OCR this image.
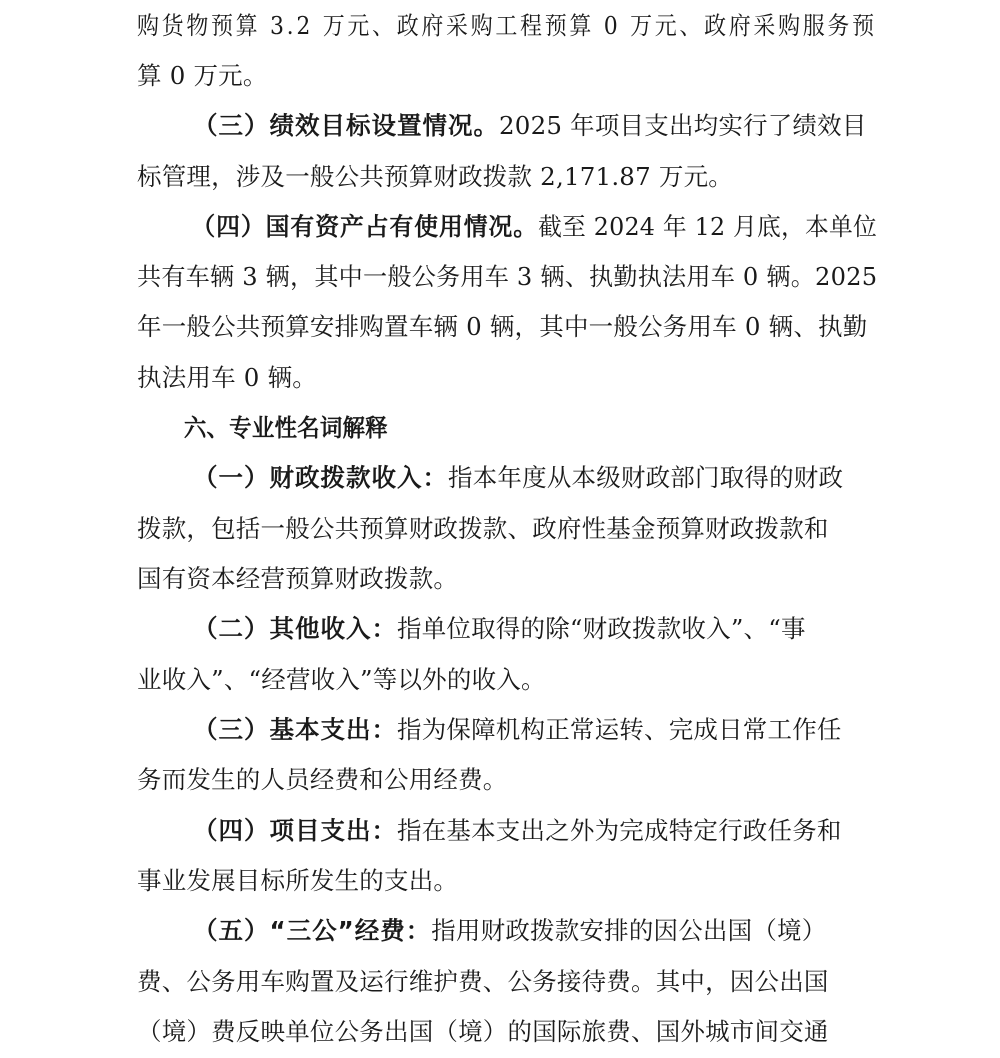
购货物预算 3.2 万元、政府采购工程预算 0 万元、政府采购服务预
算 0 万元。
（三）绩效目标设置情况。2025 年项目支出均实行了绩效目
标管理，涉及一般公共预算财政拨款 2,171.87 万元。
（四）国有资产占有使用情况。截至 2024 年 12 月底，本单位
共有车辆 3 辆，其中一般公务用车 3 辆、执勤执法用车 0 辆。2025
年一般公共预算安排购置车辆 0 辆，其中一般公务用车 0 辆、执勤
执法用车 0 辆。
六、专业性名词解释
（一）财政拨款收入：指本年度从本级财政部门取得的财政
拨款，包括一般公共预算财政拨款、政府性基金预算财政拨款和
国有资本经营预算财政拨款。
（二）其他收入：指单位取得的除“财政拨款收入”、“事
业收入”、“经营收入”等以外的收入。
（三）基本支出：指为保障机构正常运转、完成日常工作任
务而发生的人员经费和公用经费。
（四）项目支出：指在基本支出之外为完成特定行政任务和
事业发展目标所发生的支出。
（五）“三公”经费：指用财政拨款安排的因公出国（境）
费、公务用车购置及运行维护费、公务接待费。其中，因公出国
（境）费反映单位公务出国（境）的国际旅费、国外城市间交通
